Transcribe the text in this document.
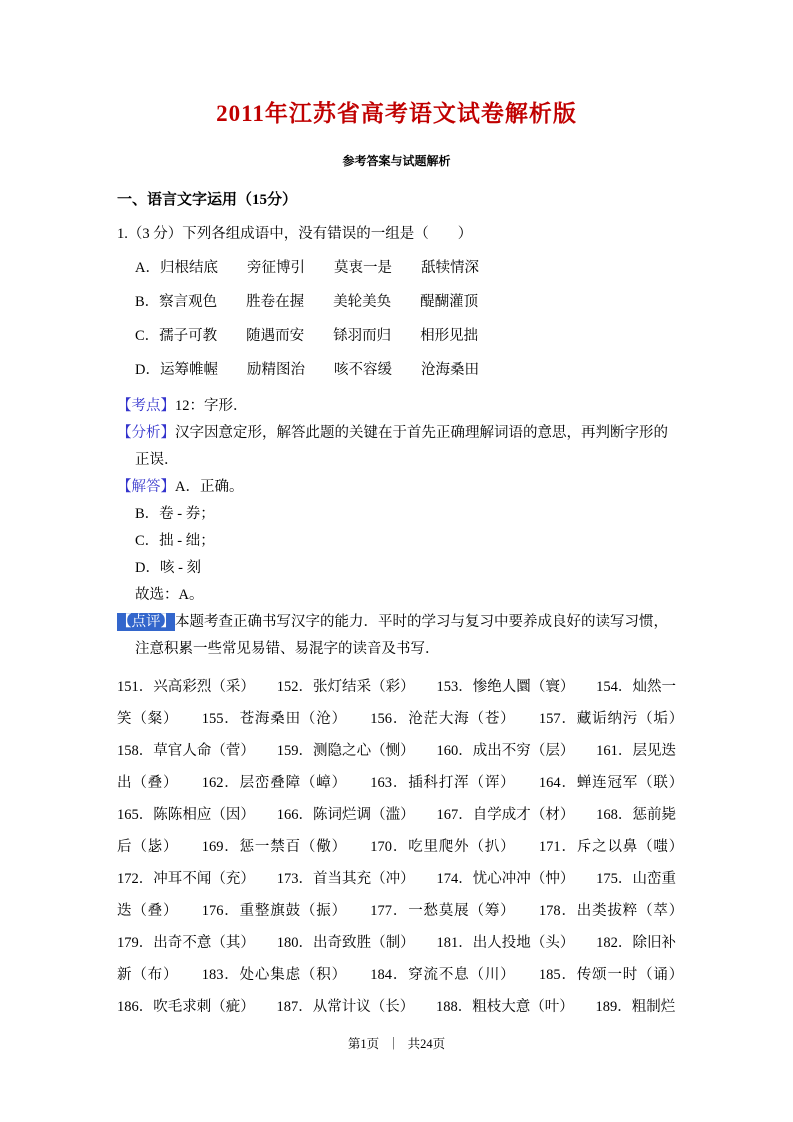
2011年江苏省高考语文试卷解析版
参考答案与试题解析
一、语言文字运用（15分）

1.（3 分）下列各组成语中，没有错误的一组是（　　）

A．归根结底　　旁征博引　　莫衷一是　　舐犊情深

B．察言观色　　胜卷在握　　美轮美奂　　醍醐灌顶

C．孺子可教　　随遇而安　　铩羽而归　　相形见拙

D．运筹帷幄　　励精图治　　咳不容缓　　沧海桑田

【考点】12：字形．

【分析】汉字因意定形，解答此题的关键在于首先正确理解词语的意思，再判断字形的正误．

【解答】A．正确。

B．卷 - 券；

C．拙 - 绌；

D．咳 - 刻

故选：A。

【点评】本题考查正确书写汉字的能力．平时的学习与复习中要养成良好的读写习惯，注意积累一些常见易错、易混字的读音及书写．

151．兴高彩烈（采）　　152．张灯结采（彩）　　153．惨绝人圜（寰）　　154．灿然一笑（粲）　　155．苍海桑田（沧）　　156．沧茫大海（苍）　　157．藏诟纳污（垢）　　158．草官人命（菅）　　159．测隐之心（恻）　　160．成出不穷（层）　　161．层见迭出（叠）　　162．层峦叠障（嶂）　　163．插科打浑（诨）　　164．蝉连冠军（联）　　165．陈陈相应（因）　　166．陈词烂调（滥）　　167．自学成才（材）　　168．惩前毙后（毖）　　169．惩一禁百（儆）　　170．吃里爬外（扒）　　171．斥之以鼻（嗤）　　172．冲耳不闻（充）　　173．首当其充（冲）　　174．忧心冲冲（忡）　　175．山峦重迭（叠）　　176．重整旗鼓（振）　　177．一愁莫展（筹）　　178．出类拔粹（萃）　　179．出奇不意（其）　　180．出奇致胜（制）　　181．出人投地（头）　　182．除旧补新（布）　　183．处心集虑（积）　　184．穿流不息（川）　　185．传颂一时（诵）　　186．吹毛求刺（疵）　　187．从常计议（长）　　188．粗枝大意（叶）　　189．粗制烂

第1页 ｜ 共24页
